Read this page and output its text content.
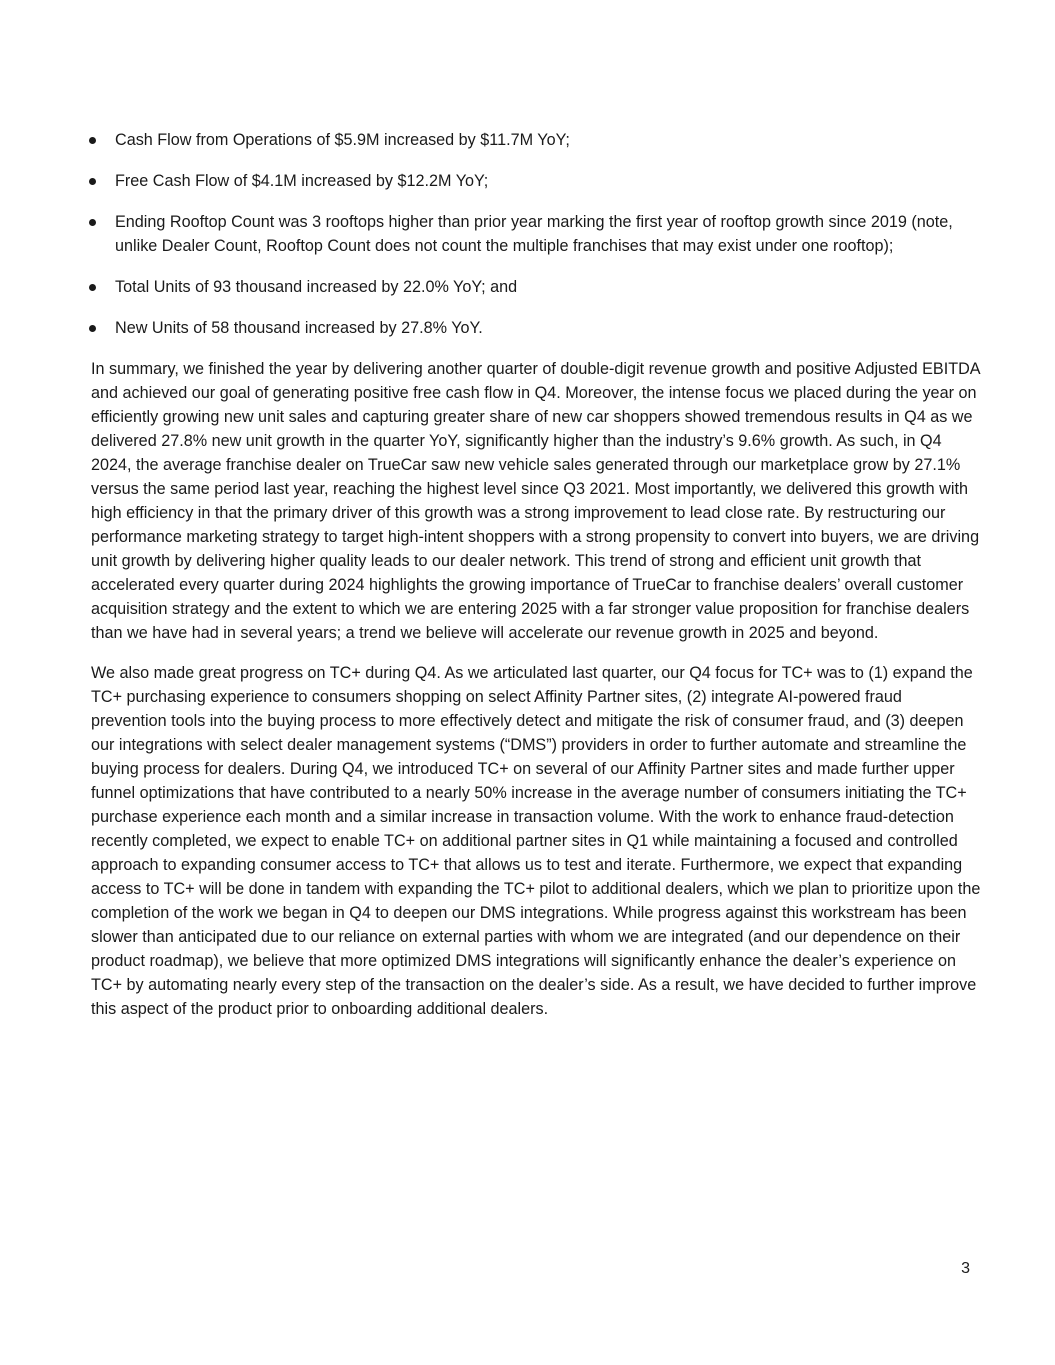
Cash Flow from Operations of $5.9M increased by $11.7M YoY;
Free Cash Flow of $4.1M increased by $12.2M YoY;
Ending Rooftop Count was 3 rooftops higher than prior year marking the first year of rooftop growth since 2019 (note, unlike Dealer Count, Rooftop Count does not count the multiple franchises that may exist under one rooftop);
Total Units of 93 thousand increased by 22.0% YoY; and
New Units of 58 thousand increased by 27.8% YoY.

In summary, we finished the year by delivering another quarter of double-digit revenue growth and positive Adjusted EBITDA and achieved our goal of generating positive free cash flow in Q4. Moreover, the intense focus we placed during the year on efficiently growing new unit sales and capturing greater share of new car shoppers showed tremendous results in Q4 as we delivered 27.8% new unit growth in the quarter YoY, significantly higher than the industry’s 9.6% growth. As such, in Q4 2024, the average franchise dealer on TrueCar saw new vehicle sales generated through our marketplace grow by 27.1% versus the same period last year, reaching the highest level since Q3 2021. Most importantly, we delivered this growth with high efficiency in that the primary driver of this growth was a strong improvement to lead close rate. By restructuring our performance marketing strategy to target high-intent shoppers with a strong propensity to convert into buyers, we are driving unit growth by delivering higher quality leads to our dealer network. This trend of strong and efficient unit growth that accelerated every quarter during 2024 highlights the growing importance of TrueCar to franchise dealers’ overall customer acquisition strategy and the extent to which we are entering 2025 with a far stronger value proposition for franchise dealers than we have had in several years; a trend we believe will accelerate our revenue growth in 2025 and beyond.

We also made great progress on TC+ during Q4. As we articulated last quarter, our Q4 focus for TC+ was to (1) expand the TC+ purchasing experience to consumers shopping on select Affinity Partner sites, (2) integrate AI-powered fraud prevention tools into the buying process to more effectively detect and mitigate the risk of consumer fraud, and (3) deepen our integrations with select dealer management systems (“DMS”) providers in order to further automate and streamline the buying process for dealers. During Q4, we introduced TC+ on several of our Affinity Partner sites and made further upper funnel optimizations that have contributed to a nearly 50% increase in the average number of consumers initiating the TC+ purchase experience each month and a similar increase in transaction volume. With the work to enhance fraud-detection recently completed, we expect to enable TC+ on additional partner sites in Q1 while maintaining a focused and controlled approach to expanding consumer access to TC+ that allows us to test and iterate. Furthermore, we expect that expanding access to TC+ will be done in tandem with expanding the TC+ pilot to additional dealers, which we plan to prioritize upon the completion of the work we began in Q4 to deepen our DMS integrations. While progress against this workstream has been slower than anticipated due to our reliance on external parties with whom we are integrated (and our dependence on their product roadmap), we believe that more optimized DMS integrations will significantly enhance the dealer’s experience on TC+ by automating nearly every step of the transaction on the dealer’s side. As a result, we have decided to further improve this aspect of the product prior to onboarding additional dealers.

3
